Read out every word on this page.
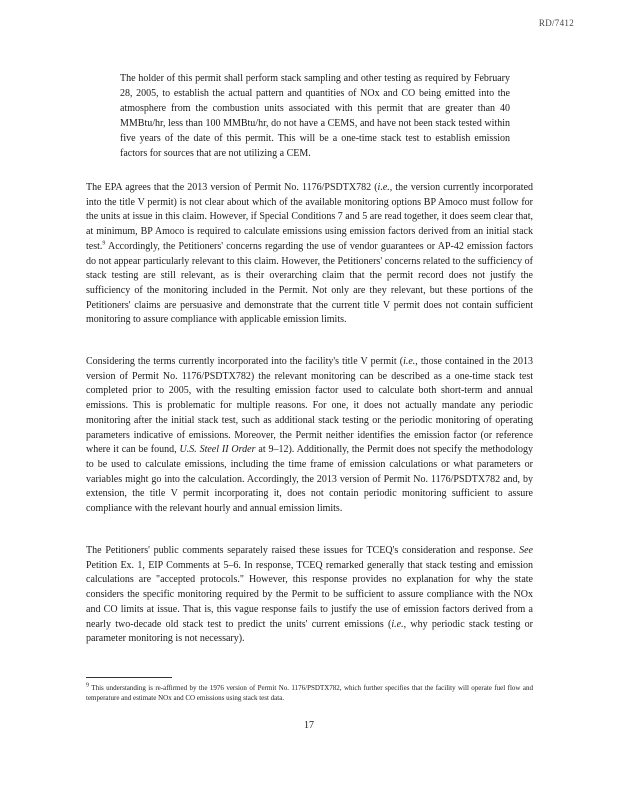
RD/7412

The holder of this permit shall perform stack sampling and other testing as required by February 28, 2005, to establish the actual pattern and quantities of NOx and CO being emitted into the atmosphere from the combustion units associated with this permit that are greater than 40 MMBtu/hr, less than 100 MMBtu/hr, do not have a CEMS, and have not been stack tested within five years of the date of this permit. This will be a one-time stack test to establish emission factors for sources that are not utilizing a CEM.

The EPA agrees that the 2013 version of Permit No. 1176/PSDTX782 (i.e., the version currently incorporated into the title V permit) is not clear about which of the available monitoring options BP Amoco must follow for the units at issue in this claim. However, if Special Conditions 7 and 5 are read together, it does seem clear that, at minimum, BP Amoco is required to calculate emissions using emission factors derived from an initial stack test.$^9$ Accordingly, the Petitioners' concerns regarding the use of vendor guarantees or AP-42 emission factors do not appear particularly relevant to this claim. However, the Petitioners' concerns related to the sufficiency of stack testing are still relevant, as is their overarching claim that the permit record does not justify the sufficiency of the monitoring included in the Permit. Not only are they relevant, but these portions of the Petitioners' claims are persuasive and demonstrate that the current title V permit does not contain sufficient monitoring to assure compliance with applicable emission limits.

Considering the terms currently incorporated into the facility's title V permit (i.e., those contained in the 2013 version of Permit No. 1176/PSDTX782) the relevant monitoring can be described as a one-time stack test completed prior to 2005, with the resulting emission factor used to calculate both short-term and annual emissions. This is problematic for multiple reasons. For one, it does not actually mandate any periodic monitoring after the initial stack test, such as additional stack testing or the periodic monitoring of operating parameters indicative of emissions. Moreover, the Permit neither identifies the emission factor (or reference where it can be found, U.S. Steel II Order at 9–12). Additionally, the Permit does not specify the methodology to be used to calculate emissions, including the time frame of emission calculations or what parameters or variables might go into the calculation. Accordingly, the 2013 version of Permit No. 1176/PSDTX782 and, by extension, the title V permit incorporating it, does not contain periodic monitoring sufficient to assure compliance with the relevant hourly and annual emission limits.

The Petitioners' public comments separately raised these issues for TCEQ's consideration and response. See Petition Ex. 1, EIP Comments at 5–6. In response, TCEQ remarked generally that stack testing and emission calculations are "accepted protocols." However, this response provides no explanation for why the state considers the specific monitoring required by the Permit to be sufficient to assure compliance with the NOx and CO limits at issue. That is, this vague response fails to justify the use of emission factors derived from a nearly two-decade old stack test to predict the units' current emissions (i.e., why periodic stack testing or parameter monitoring is not necessary).

$^9$ This understanding is re-affirmed by the 1976 version of Permit No. 1176/PSDTX782, which further specifies that the facility will operate fuel flow and temperature and estimate NOx and CO emissions using stack test data.

17
